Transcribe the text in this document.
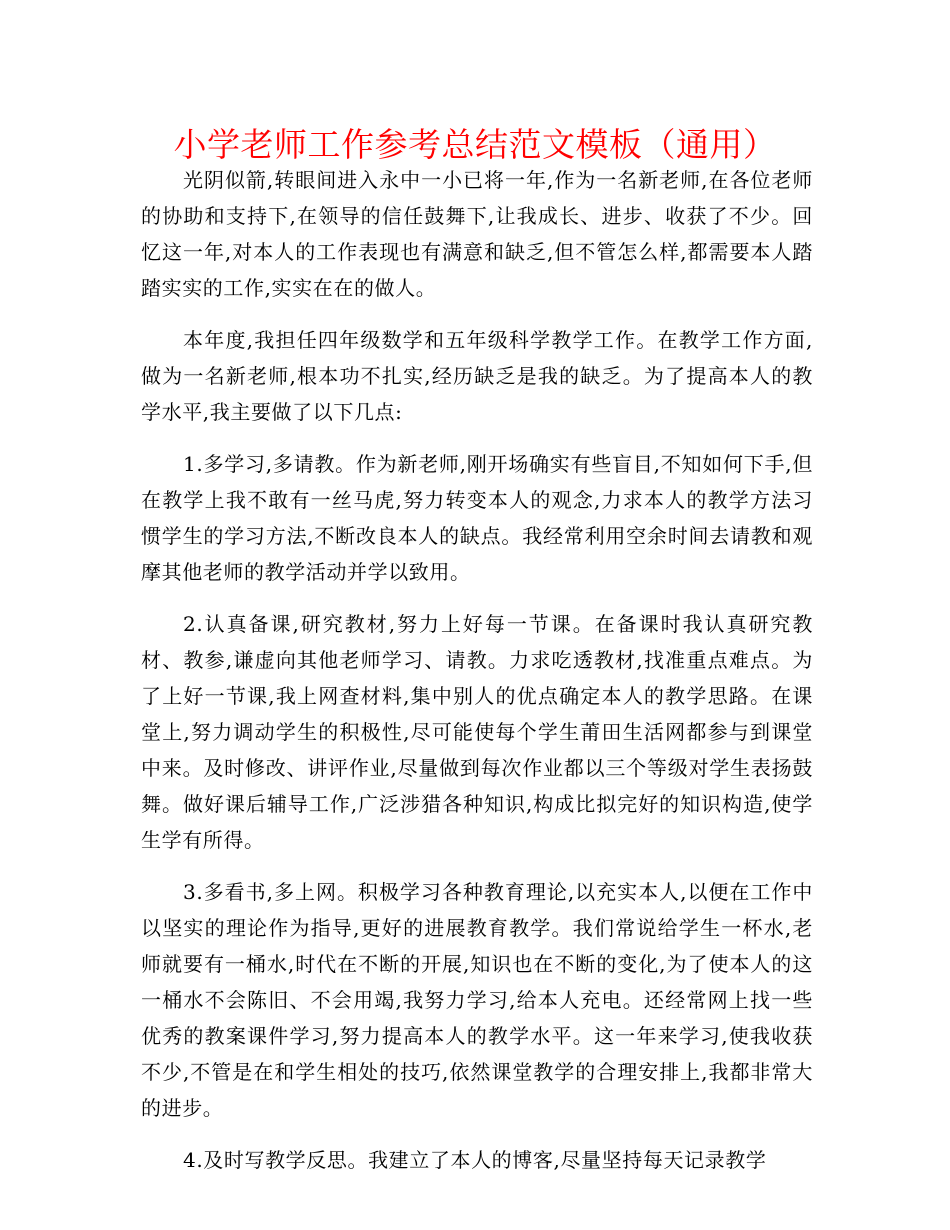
小学老师工作参考总结范文模板（通用）

光阴似箭,转眼间进入永中一小已将一年,作为一名新老师,在各位老师的协助和支持下,在领导的信任鼓舞下,让我成长、进步、收获了不少。回忆这一年,对本人的工作表现也有满意和缺乏,但不管怎么样,都需要本人踏踏实实的工作,实实在在的做人。

本年度,我担任四年级数学和五年级科学教学工作。在教学工作方面,做为一名新老师,根本功不扎实,经历缺乏是我的缺乏。为了提高本人的教学水平,我主要做了以下几点:

1.多学习,多请教。作为新老师,刚开场确实有些盲目,不知如何下手,但在教学上我不敢有一丝马虎,努力转变本人的观念,力求本人的教学方法习惯学生的学习方法,不断改良本人的缺点。我经常利用空余时间去请教和观摩其他老师的教学活动并学以致用。

2.认真备课,研究教材,努力上好每一节课。在备课时我认真研究教材、教参,谦虚向其他老师学习、请教。力求吃透教材,找准重点难点。为了上好一节课,我上网查材料,集中别人的优点确定本人的教学思路。在课堂上,努力调动学生的积极性,尽可能使每个学生莆田生活网都参与到课堂中来。及时修改、讲评作业,尽量做到每次作业都以三个等级对学生表扬鼓舞。做好课后辅导工作,广泛涉猎各种知识,构成比拟完好的知识构造,使学生学有所得。

3.多看书,多上网。积极学习各种教育理论,以充实本人,以便在工作中以坚实的理论作为指导,更好的进展教育教学。我们常说给学生一杯水,老师就要有一桶水,时代在不断的开展,知识也在不断的变化,为了使本人的这一桶水不会陈旧、不会用竭,我努力学习,给本人充电。还经常网上找一些优秀的教案课件学习,努力提高本人的教学水平。这一年来学习,使我收获不少,不管是在和学生相处的技巧,依然课堂教学的合理安排上,我都非常大的进步。

4.及时写教学反思。我建立了本人的博客,尽量坚持每天记录教学
